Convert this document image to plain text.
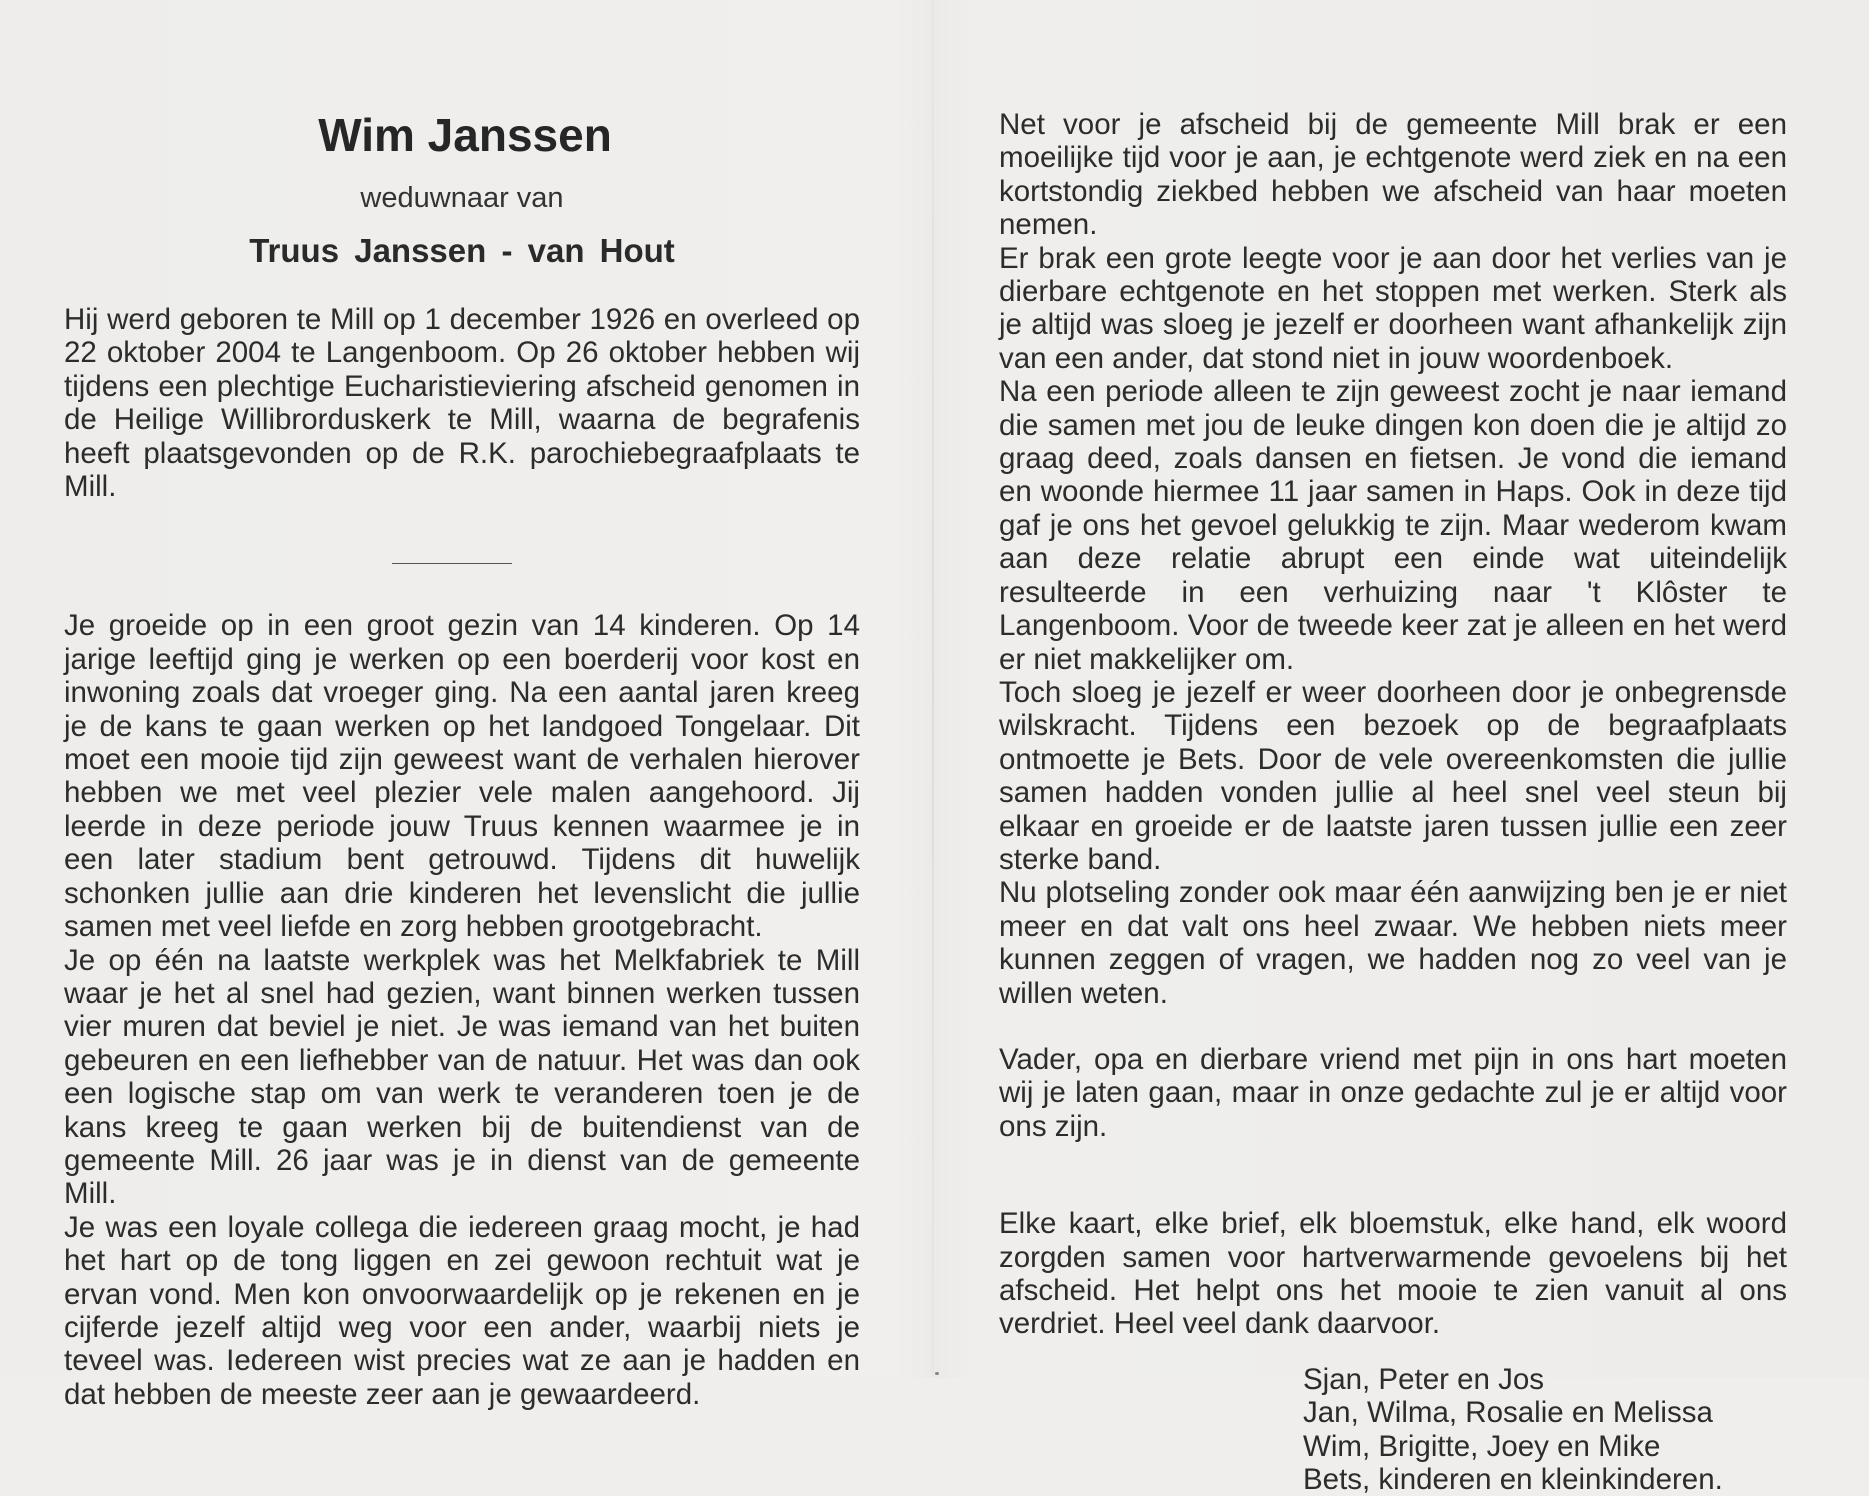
Wim Janssen
weduwnaar van
Truus Janssen - van Hout

Hij werd geboren te Mill op 1 december 1926 en overleed op 22 oktober 2004 te Langenboom. Op 26 oktober hebben wij tijdens een plechtige Eucharistieviering afscheid genomen in de Heilige Willibrorduskerk te Mill, waarna de begrafenis heeft plaatsgevonden op de R.K. parochiebegraafplaats te Mill.

Je groeide op in een groot gezin van 14 kinderen. Op 14 jarige leeftijd ging je werken op een boerderij voor kost en inwoning zoals dat vroeger ging. Na een aantal jaren kreeg je de kans te gaan werken op het landgoed Tongelaar. Dit moet een mooie tijd zijn geweest want de verhalen hierover hebben we met veel plezier vele malen aangehoord. Jij leerde in deze periode jouw Truus kennen waarmee je in een later stadium bent getrouwd. Tijdens dit huwelijk schonken jullie aan drie kinderen het levenslicht die jullie samen met veel liefde en zorg hebben grootgebracht.

Je op één na laatste werkplek was het Melkfabriek te Mill waar je het al snel had gezien, want binnen werken tussen vier muren dat beviel je niet. Je was iemand van het buiten gebeuren en een liefhebber van de natuur. Het was dan ook een logische stap om van werk te veranderen toen je de kans kreeg te gaan werken bij de buitendienst van de gemeente Mill. 26 jaar was je in dienst van de gemeente Mill.

Je was een loyale collega die iedereen graag mocht, je had het hart op de tong liggen en zei gewoon rechtuit wat je ervan vond. Men kon onvoorwaardelijk op je rekenen en je cijferde jezelf altijd weg voor een ander, waarbij niets je teveel was. Iedereen wist precies wat ze aan je hadden en dat hebben de meeste zeer aan je gewaardeerd.

Net voor je afscheid bij de gemeente Mill brak er een moeilijke tijd voor je aan, je echtgenote werd ziek en na een kortstondig ziekbed hebben we afscheid van haar moeten nemen.

Er brak een grote leegte voor je aan door het verlies van je dierbare echtgenote en het stoppen met werken. Sterk als je altijd was sloeg je jezelf er doorheen want afhankelijk zijn van een ander, dat stond niet in jouw woordenboek.

Na een periode alleen te zijn geweest zocht je naar iemand die samen met jou de leuke dingen kon doen die je altijd zo graag deed, zoals dansen en fietsen. Je vond die iemand en woonde hiermee 11 jaar samen in Haps. Ook in deze tijd gaf je ons het gevoel gelukkig te zijn. Maar wederom kwam aan deze relatie abrupt een einde wat uiteindelijk resulteerde in een verhuizing naar 't Klôster te Langenboom. Voor de tweede keer zat je alleen en het werd er niet makkelijker om.

Toch sloeg je jezelf er weer doorheen door je onbegrensde wilskracht. Tijdens een bezoek op de begraafplaats ontmoette je Bets. Door de vele overeenkomsten die jullie samen hadden vonden jullie al heel snel veel steun bij elkaar en groeide er de laatste jaren tussen jullie een zeer sterke band.

Nu plotseling zonder ook maar één aanwijzing ben je er niet meer en dat valt ons heel zwaar. We hebben niets meer kunnen zeggen of vragen, we hadden nog zo veel van je willen weten.

Vader, opa en dierbare vriend met pijn in ons hart moeten wij je laten gaan, maar in onze gedachte zul je er altijd voor ons zijn.

Elke kaart, elke brief, elk bloemstuk, elke hand, elk woord zorgden samen voor hartverwarmende gevoelens bij het afscheid. Het helpt ons het mooie te zien vanuit al ons verdriet. Heel veel dank daarvoor.

Sjan, Peter en Jos
Jan, Wilma, Rosalie en Melissa
Wim, Brigitte, Joey en Mike
Bets, kinderen en kleinkinderen.
